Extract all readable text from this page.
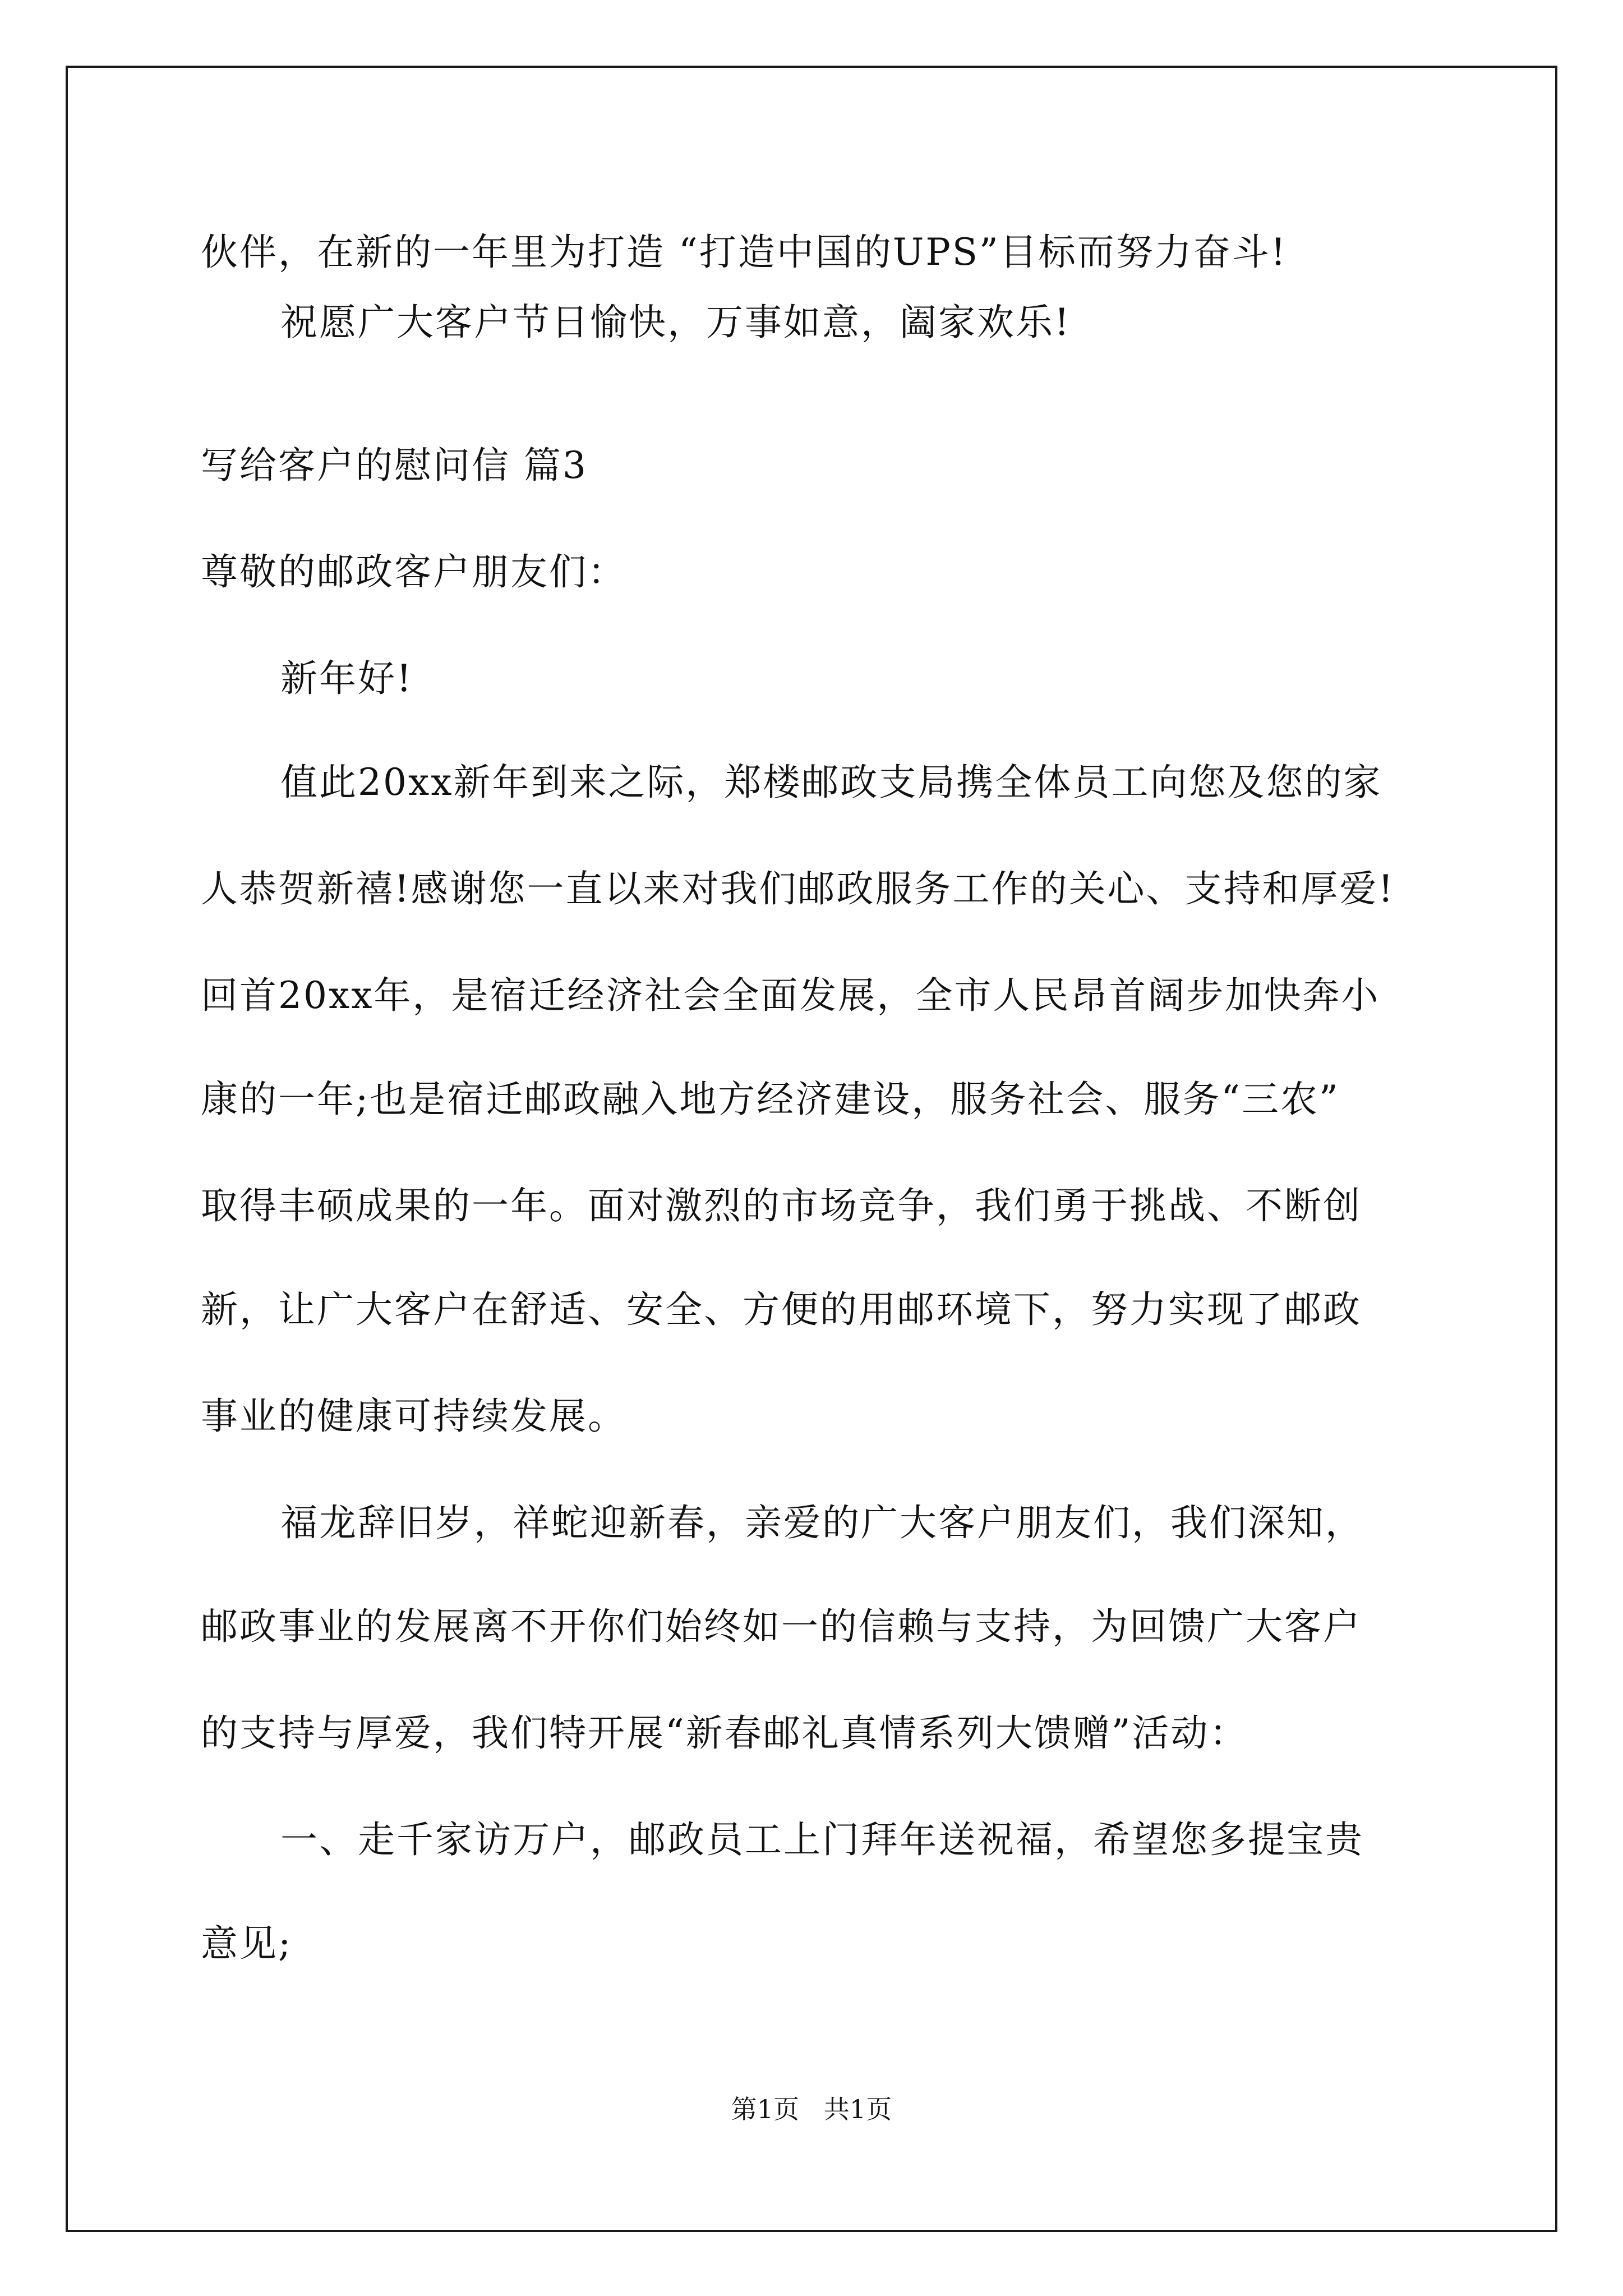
伙伴，在新的一年里为打造 “打造中国的UPS”目标而努力奋斗!
祝愿广大客户节日愉快，万事如意，阖家欢乐!
写给客户的慰问信 篇3
尊敬的邮政客户朋友们：
新年好!
值此20xx新年到来之际，郑楼邮政支局携全体员工向您及您的家
人恭贺新禧!感谢您一直以来对我们邮政服务工作的关心、支持和厚爱!
回首20xx年，是宿迁经济社会全面发展，全市人民昂首阔步加快奔小
康的一年;也是宿迁邮政融入地方经济建设，服务社会、服务“三农”
取得丰硕成果的一年。面对激烈的市场竞争，我们勇于挑战、不断创
新，让广大客户在舒适、安全、方便的用邮环境下，努力实现了邮政
事业的健康可持续发展。
福龙辞旧岁，祥蛇迎新春，亲爱的广大客户朋友们，我们深知，
邮政事业的发展离不开你们始终如一的信赖与支持，为回馈广大客户
的支持与厚爱，我们特开展“新春邮礼真情系列大馈赠”活动：
一、走千家访万户，邮政员工上门拜年送祝福，希望您多提宝贵
意见;
第1页   共1页
